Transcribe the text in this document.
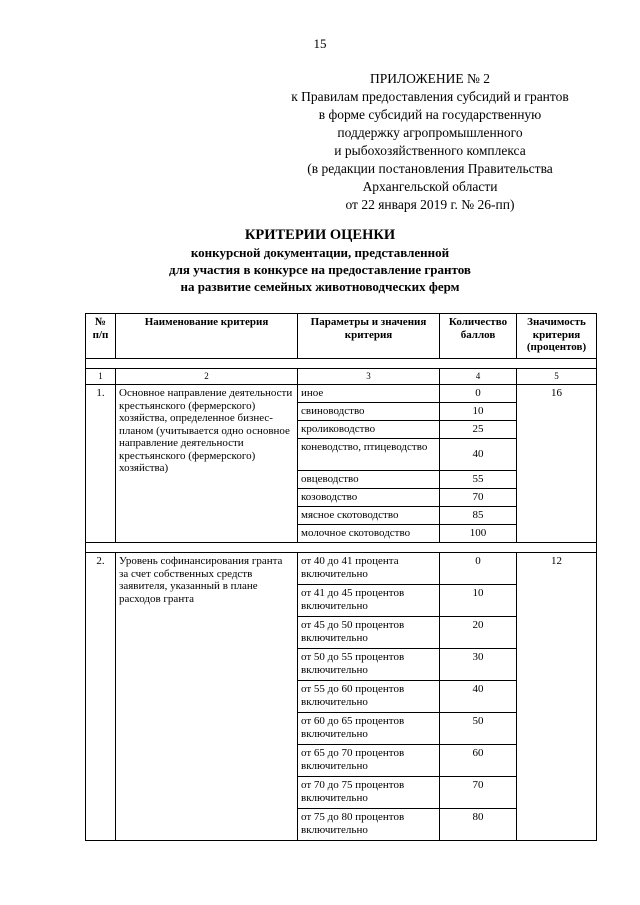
15
ПРИЛОЖЕНИЕ № 2
к Правилам предоставления субсидий и грантов
в форме субсидий на государственную
поддержку агропромышленного
и рыбохозяйственного комплекса
(в редакции постановления Правительства
Архангельской области
от 22 января 2019 г. № 26-пп)
КРИТЕРИИ ОЦЕНКИ
конкурсной документации, представленной
для участия в конкурсе на предоставление грантов
на развитие семейных животноводческих ферм
№ п/п	Наименование критерия	Параметры и значения критерия	Количество баллов	Значимость критерия (процентов)

1	2	3	4	5
1.	Основное направление деятельности крестьянского (фермерского) хозяйства, определенное бизнес-планом (учитывается одно основное направление деятельности крестьянского (фермерского) хозяйства)	иное	0	16
		свиноводство	10	
		кролиководство	25	
		коневодство, птицеводство	40	
		овцеводство	55	
		козоводство	70	
		мясное скотоводство	85	
		молочное скотоводство	100	

2.	Уровень софинансирования гранта за счет собственных средств заявителя, указанный в плане расходов гранта	от 40 до 41 процента включительно	0	12
		от 41 до 45 процентов включительно	10	
		от 45 до 50 процентов включительно	20	
		от 50 до 55 процентов включительно	30	
		от 55 до 60 процентов включительно	40	
		от 60 до 65 процентов включительно	50	
		от 65 до 70 процентов включительно	60	
		от 70 до 75 процентов включительно	70	
		от 75 до 80 процентов включительно	80	
